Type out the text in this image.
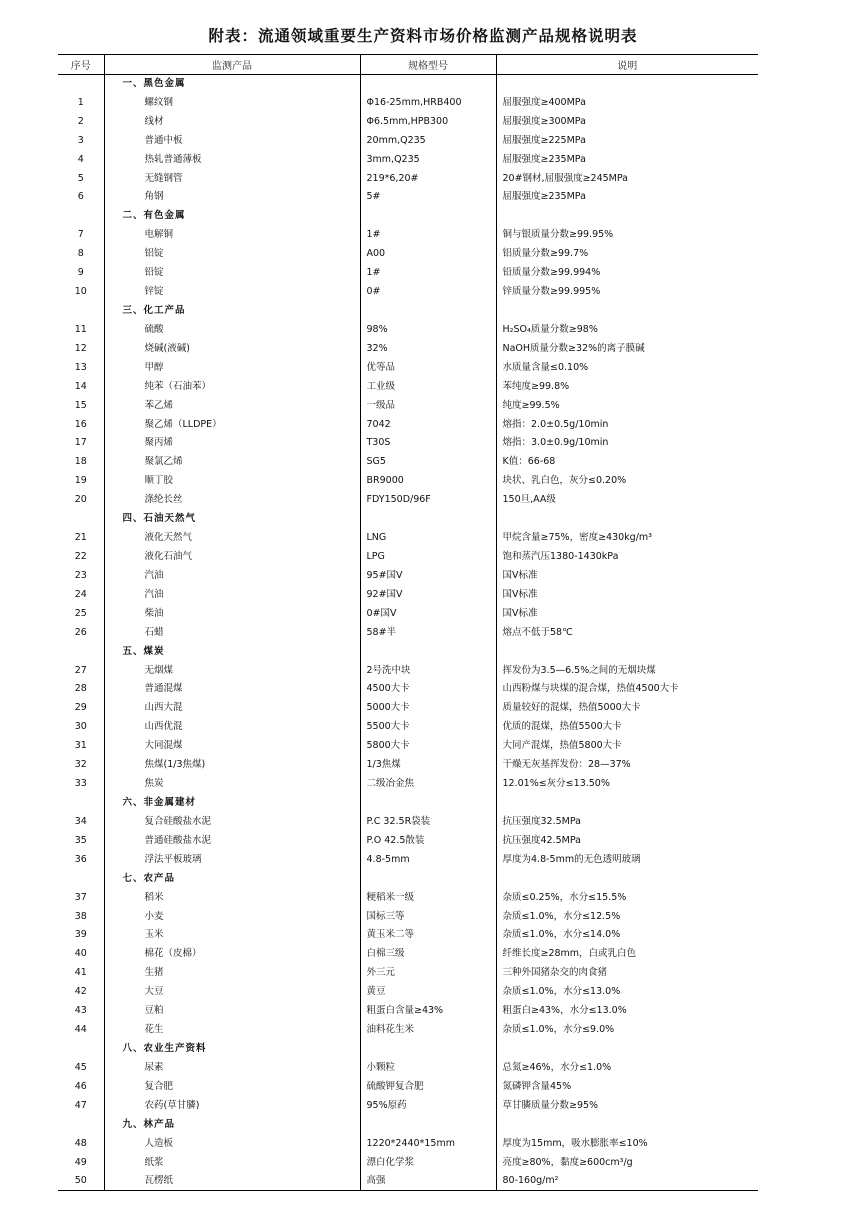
附表：流通领域重要生产资料市场价格监测产品规格说明表
序号	监测产品	规格型号	说明
	一、黑色金属		
1	螺纹钢	Φ16-25mm,HRB400	屈服强度≥400MPa
2	线材	Φ6.5mm,HPB300	屈服强度≥300MPa
3	普通中板	20mm,Q235	屈服强度≥225MPa
4	热轧普通薄板	3mm,Q235	屈服强度≥235MPa
5	无缝钢管	219*6,20#	20#钢材,屈服强度≥245MPa
6	角钢	5#	屈服强度≥235MPa
	二、有色金属		
7	电解铜	1#	铜与银质量分数≥99.95%
8	铝锭	A00	铝质量分数≥99.7%
9	铅锭	1#	铅质量分数≥99.994%
10	锌锭	0#	锌质量分数≥99.995%
	三、化工产品		
11	硫酸	98%	H₂SO₄质量分数≥98%
12	烧碱(液碱)	32%	NaOH质量分数≥32%的离子膜碱
13	甲醇	优等品	水质量含量≤0.10%
14	纯苯（石油苯）	工业级	苯纯度≥99.8%
15	苯乙烯	一级品	纯度≥99.5%
16	聚乙烯（LLDPE）	7042	熔指：2.0±0.5g/10min
17	聚丙烯	T30S	熔指：3.0±0.9g/10min
18	聚氯乙烯	SG5	K值：66-68
19	顺丁胶	BR9000	块状、乳白色，灰分≤0.20%
20	涤纶长丝	FDY150D/96F	150旦,AA级
	四、石油天然气		
21	液化天然气	LNG	甲烷含量≥75%，密度≥430kg/m³
22	液化石油气	LPG	饱和蒸汽压1380-1430kPa
23	汽油	95#国Ⅴ	国Ⅴ标准
24	汽油	92#国Ⅴ	国Ⅴ标准
25	柴油	0#国Ⅴ	国Ⅴ标准
26	石蜡	58#半	熔点不低于58℃
	五、煤炭		
27	无烟煤	2号洗中块	挥发份为3.5—6.5%之间的无烟块煤
28	普通混煤	4500大卡	山西粉煤与块煤的混合煤，热值4500大卡
29	山西大混	5000大卡	质量较好的混煤，热值5000大卡
30	山西优混	5500大卡	优质的混煤，热值5500大卡
31	大同混煤	5800大卡	大同产混煤，热值5800大卡
32	焦煤(1/3焦煤)	1/3焦煤	干燥无灰基挥发份：28—37%
33	焦炭	二级冶金焦	12.01%≤灰分≤13.50%
	六、非金属建材		
34	复合硅酸盐水泥	P.C 32.5R袋装	抗压强度32.5MPa
35	普通硅酸盐水泥	P.O 42.5散装	抗压强度42.5MPa
36	浮法平板玻璃	4.8-5mm	厚度为4.8-5mm的无色透明玻璃
	七、农产品		
37	稻米	粳稻米一级	杂质≤0.25%，水分≤15.5%
38	小麦	国标三等	杂质≤1.0%，水分≤12.5%
39	玉米	黄玉米二等	杂质≤1.0%，水分≤14.0%
40	棉花（皮棉）	白棉三级	纤维长度≥28mm，白或乳白色
41	生猪	外三元	三种外国猪杂交的肉食猪
42	大豆	黄豆	杂质≤1.0%，水分≤13.0%
43	豆粕	粗蛋白含量≥43%	粗蛋白≥43%，水分≤13.0%
44	花生	油料花生米	杂质≤1.0%，水分≤9.0%
	八、农业生产资料		
45	尿素	小颗粒	总氮≥46%，水分≤1.0%
46	复合肥	硫酸钾复合肥	氮磷钾含量45%
47	农药(草甘膦)	95%原药	草甘膦质量分数≥95%
	九、林产品		
48	人造板	1220*2440*15mm	厚度为15mm，吸水膨胀率≤10%
49	纸浆	漂白化学浆	亮度≥80%，黏度≥600cm³/g
50	瓦楞纸	高强	80-160g/m²
